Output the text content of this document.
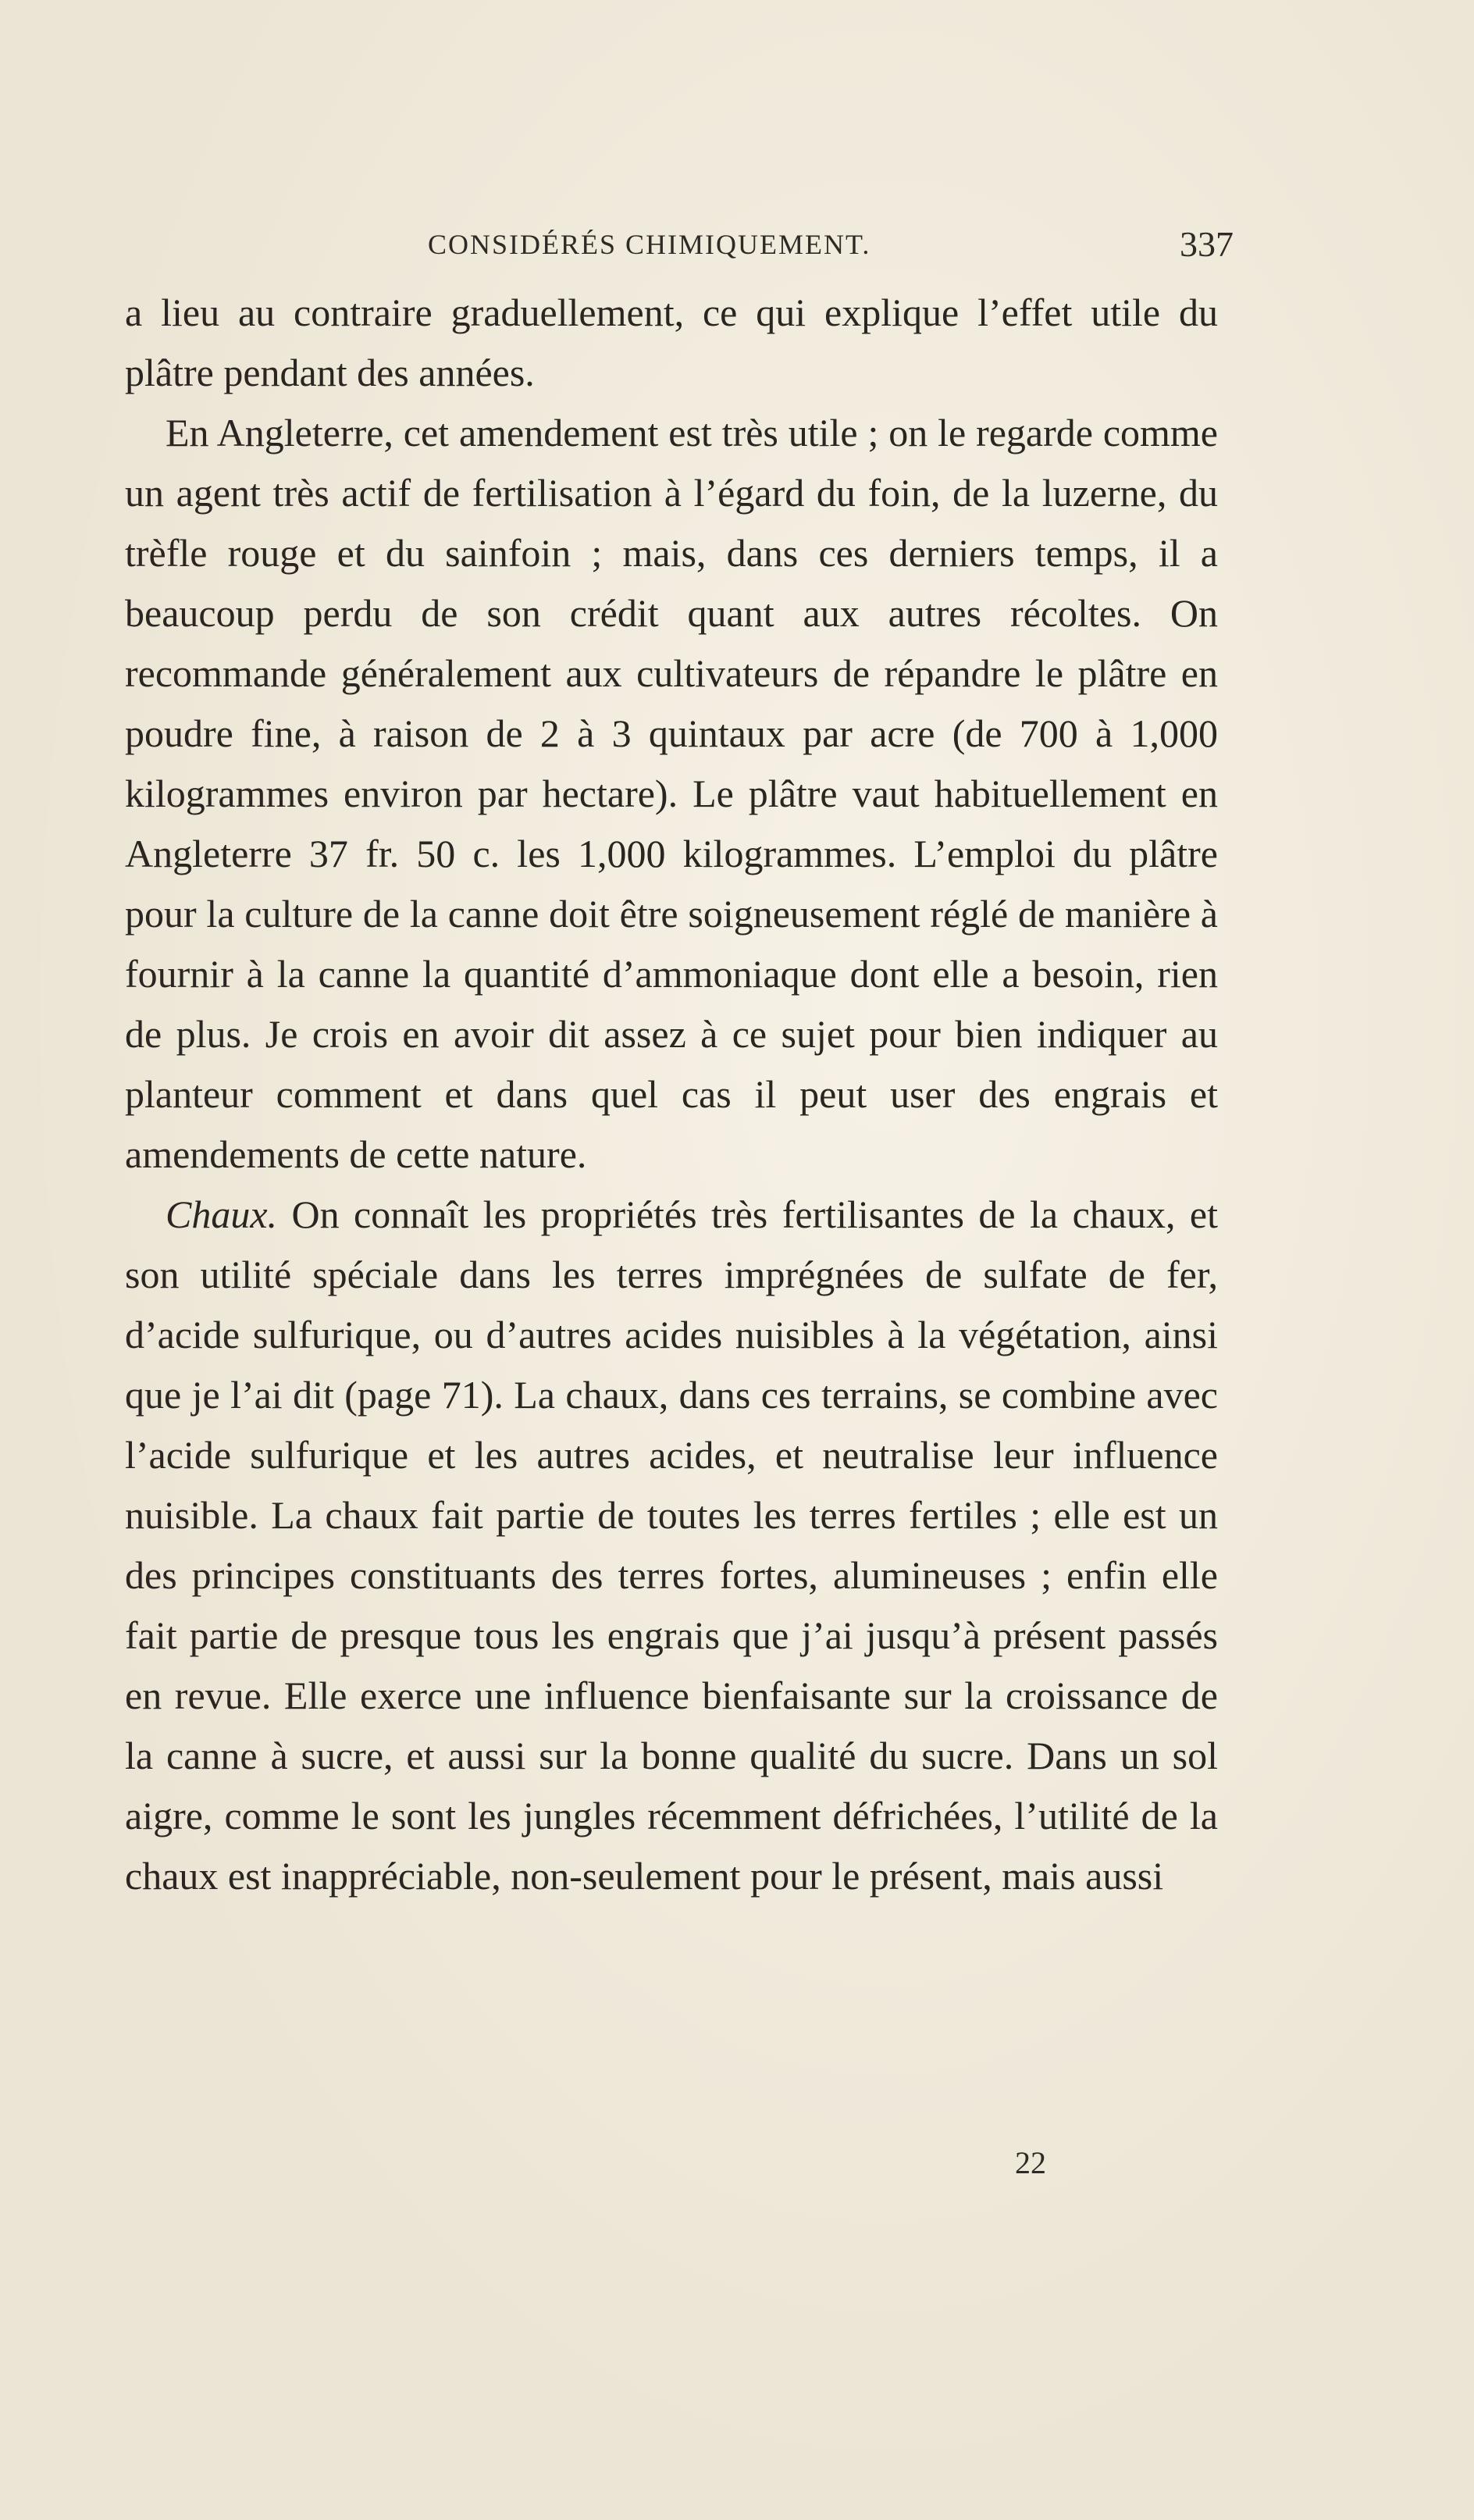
CONSIDÉRÉS CHIMIQUEMENT.	337

a lieu au contraire graduellement, ce qui explique l’effet utile du plâtre pendant des années.

En Angleterre, cet amendement est très utile ; on le regarde comme un agent très actif de fertilisation à l’égard du foin, de la luzerne, du trèfle rouge et du sainfoin ; mais, dans ces derniers temps, il a beaucoup perdu de son crédit quant aux autres récoltes. On recommande généralement aux cultivateurs de répandre le plâtre en poudre fine, à raison de 2 à 3 quintaux par acre (de 700 à 1,000 kilogrammes environ par hectare). Le plâtre vaut habituellement en Angleterre 37 fr. 50 c. les 1,000 kilogrammes. L’emploi du plâtre pour la culture de la canne doit être soigneusement réglé de manière à fournir à la canne la quantité d’ammoniaque dont elle a besoin, rien de plus. Je crois en avoir dit assez à ce sujet pour bien indiquer au planteur comment et dans quel cas il peut user des engrais et amendements de cette nature.

Chaux. On connaît les propriétés très fertilisantes de la chaux, et son utilité spéciale dans les terres imprégnées de sulfate de fer, d’acide sulfurique, ou d’autres acides nuisibles à la végétation, ainsi que je l’ai dit (page 71). La chaux, dans ces terrains, se combine avec l’acide sulfurique et les autres acides, et neutralise leur influence nuisible. La chaux fait partie de toutes les terres fertiles ; elle est un des principes constituants des terres fortes, alumineuses ; enfin elle fait partie de presque tous les engrais que j’ai jusqu’à présent passés en revue. Elle exerce une influence bienfaisante sur la croissance de la canne à sucre, et aussi sur la bonne qualité du sucre. Dans un sol aigre, comme le sont les jungles récemment défrichées, l’utilité de la chaux est inappréciable, non-seulement pour le présent, mais aussi

22
